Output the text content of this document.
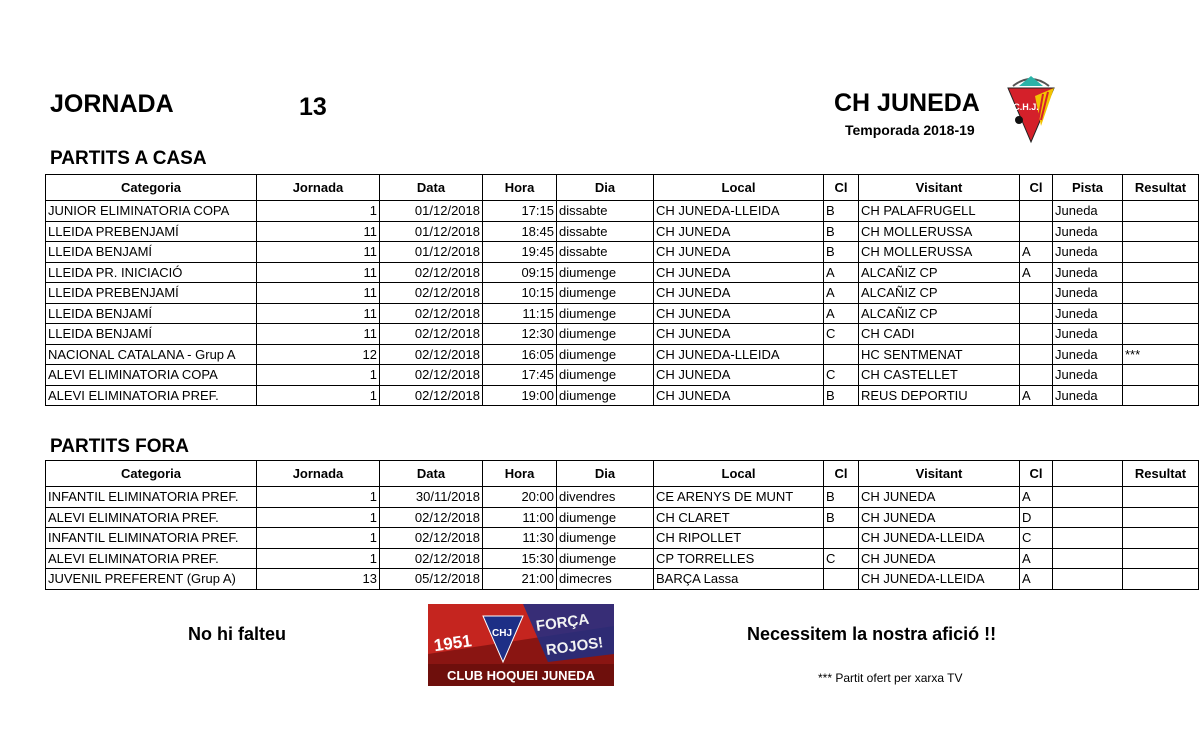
JORNADA	13	CH JUNEDA
Temporada 2018-19
C.H.J.
PARTITS A CASA
Categoria	Jornada	Data	Hora	Dia	Local	Cl	Visitant	Cl	Pista	Resultat
JUNIOR ELIMINATORIA COPA	1	01/12/2018	17:15	dissabte	CH JUNEDA-LLEIDA	B	CH PALAFRUGELL		Juneda	
LLEIDA PREBENJAMÍ	11	01/12/2018	18:45	dissabte	CH JUNEDA	B	CH MOLLERUSSA		Juneda	
LLEIDA BENJAMÍ	11	01/12/2018	19:45	dissabte	CH JUNEDA	B	CH MOLLERUSSA	A	Juneda	
LLEIDA PR. INICIACIÓ	11	02/12/2018	09:15	diumenge	CH JUNEDA	A	ALCAÑIZ CP	A	Juneda	
LLEIDA PREBENJAMÍ	11	02/12/2018	10:15	diumenge	CH JUNEDA	A	ALCAÑIZ CP		Juneda	
LLEIDA BENJAMÍ	11	02/12/2018	11:15	diumenge	CH JUNEDA	A	ALCAÑIZ CP		Juneda	
LLEIDA BENJAMÍ	11	02/12/2018	12:30	diumenge	CH JUNEDA	C	CH CADI		Juneda	
NACIONAL CATALANA - Grup A	12	02/12/2018	16:05	diumenge	CH JUNEDA-LLEIDA		HC SENTMENAT		Juneda	***
ALEVI ELIMINATORIA COPA	1	02/12/2018	17:45	diumenge	CH JUNEDA	C	CH CASTELLET		Juneda	
ALEVI ELIMINATORIA PREF.	1	02/12/2018	19:00	diumenge	CH JUNEDA	B	REUS DEPORTIU	A	Juneda	
PARTITS FORA
Categoria	Jornada	Data	Hora	Dia	Local	Cl	Visitant	Cl		Resultat
INFANTIL ELIMINATORIA PREF.	1	30/11/2018	20:00	divendres	CE ARENYS DE MUNT	B	CH JUNEDA	A		
ALEVI ELIMINATORIA PREF.	1	02/12/2018	11:00	diumenge	CH CLARET	B	CH JUNEDA	D		
INFANTIL ELIMINATORIA PREF.	1	02/12/2018	11:30	diumenge	CH RIPOLLET		CH JUNEDA-LLEIDA	C		
ALEVI ELIMINATORIA PREF.	1	02/12/2018	15:30	diumenge	CP TORRELLES	C	CH JUNEDA	A		
JUVENIL PREFERENT (Grup A)	13	05/12/2018	21:00	dimecres	BARÇA Lassa		CH JUNEDA-LLEIDA	A		
No hi falteu	Necessitem la nostra afició !!
*** Partit ofert per xarxa TV
1951 CHJ FORÇA
ROJOS!
CLUB HOQUEI JUNEDA
